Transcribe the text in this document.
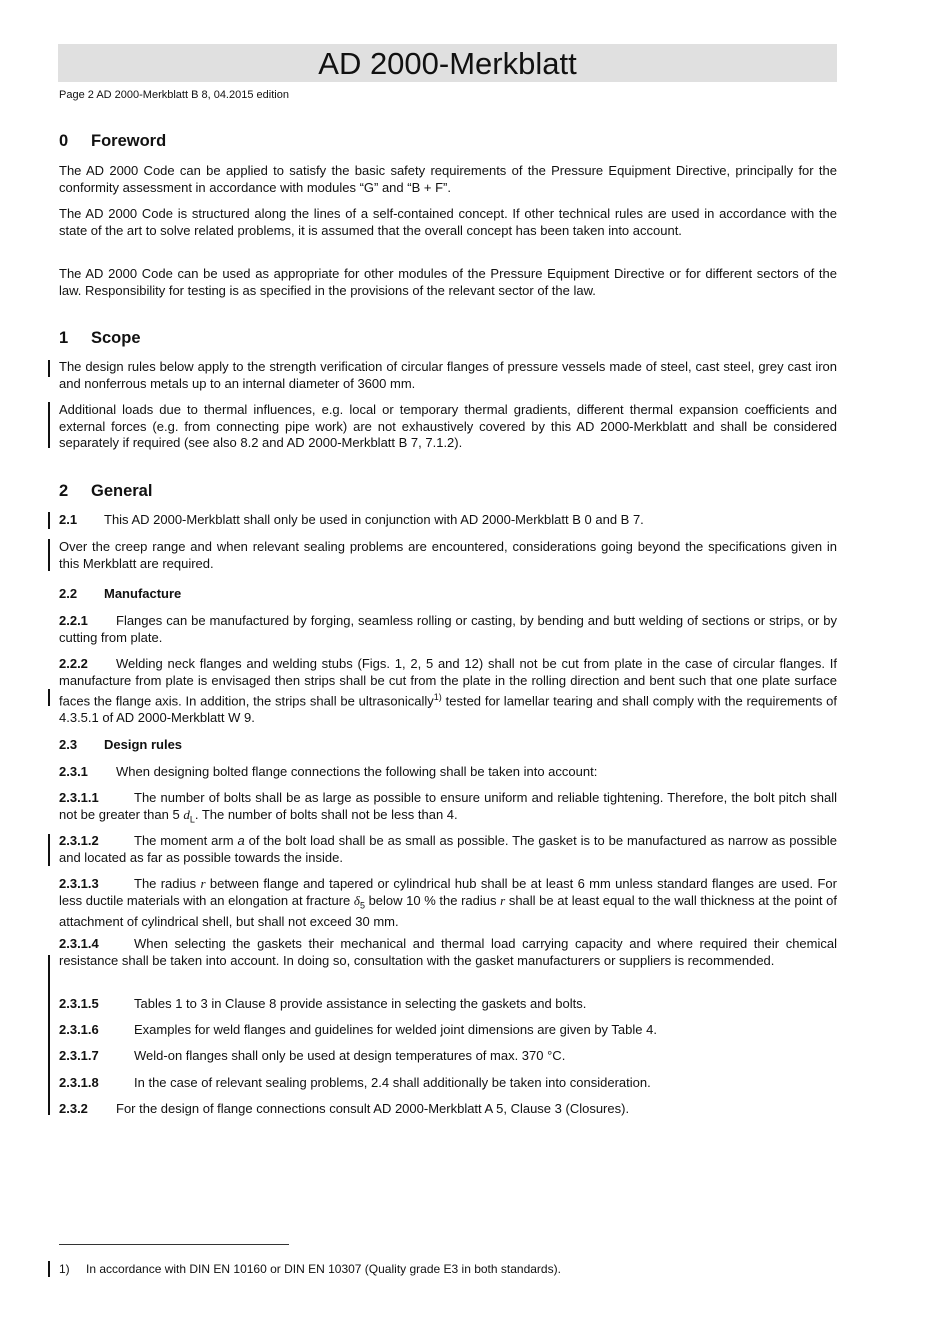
AD 2000-Merkblatt
Page 2 AD 2000-Merkblatt B 8, 04.2015 edition
0 Foreword

The AD 2000 Code can be applied to satisfy the basic safety requirements of the Pressure Equipment Directive, principally for the conformity assessment in accordance with modules “G” and “B + F”.

The AD 2000 Code is structured along the lines of a self-contained concept. If other technical rules are used in accordance with the state of the art to solve related problems, it is assumed that the overall concept has been taken into account.

The AD 2000 Code can be used as appropriate for other modules of the Pressure Equipment Directive or for different sectors of the law. Responsibility for testing is as specified in the provisions of the relevant sector of the law.

1 Scope

The design rules below apply to the strength verification of circular flanges of pressure vessels made of steel, cast steel, grey cast iron and nonferrous metals up to an internal diameter of 3600 mm.

Additional loads due to thermal influences, e.g. local or temporary thermal gradients, different thermal expansion coefficients and external forces (e.g. from connecting pipe work) are not exhaustively covered by this AD 2000-Merkblatt and shall be considered separately if required (see also 8.2 and AD 2000-Merkblatt B 7, 7.1.2).

2 General

2.1 This AD 2000-Merkblatt shall only be used in conjunction with AD 2000-Merkblatt B 0 and B 7.

Over the creep range and when relevant sealing problems are encountered, considerations going beyond the specifications given in this Merkblatt are required.

2.2 Manufacture

2.2.1 Flanges can be manufactured by forging, seamless rolling or casting, by bending and butt welding of sections or strips, or by cutting from plate.

2.2.2 Welding neck flanges and welding stubs (Figs. 1, 2, 5 and 12) shall not be cut from plate in the case of circular flanges. If manufacture from plate is envisaged then strips shall be cut from the plate in the rolling direction and bent such that one plate surface faces the flange axis. In addition, the strips shall be ultrasonically$^{1)}$ tested for lamellar tearing and shall comply with the requirements of 4.3.5.1 of AD 2000-Merkblatt W 9.

2.3 Design rules

2.3.1 When designing bolted flange connections the following shall be taken into account:

2.3.1.1	The number of bolts shall be as large as possible to ensure uniform and reliable tightening. Therefore, the bolt pitch shall not be greater than 5 $d_L$. The number of bolts shall not be less than 4.

2.3.1.2	The moment arm a of the bolt load shall be as small as possible. The gasket is to be manufactured as narrow as possible and located as far as possible towards the inside.

2.3.1.3	The radius r between flange and tapered or cylindrical hub shall be at least 6 mm unless standard flanges are used. For less ductile materials with an elongation at fracture $\delta_5$ below 10 % the radius r shall be at least equal to the wall thickness at the point of attachment of cylindrical shell, but shall not exceed 30 mm.

2.3.1.4	When selecting the gaskets their mechanical and thermal load carrying capacity and where required their chemical resistance shall be taken into account. In doing so, consultation with the gasket manufacturers or suppliers is recommended.

2.3.1.5	Tables 1 to 3 in Clause 8 provide assistance in selecting the gaskets and bolts.

2.3.1.6	Examples for weld flanges and guidelines for welded joint dimensions are given by Table 4.

2.3.1.7	Weld-on flanges shall only be used at design temperatures of max. 370 °C.

2.3.1.8	In the case of relevant sealing problems, 2.4 shall additionally be taken into consideration.

2.3.2 For the design of flange connections consult AD 2000-Merkblatt A 5, Clause 3 (Closures).

1) In accordance with DIN EN 10160 or DIN EN 10307 (Quality grade E3 in both standards).
